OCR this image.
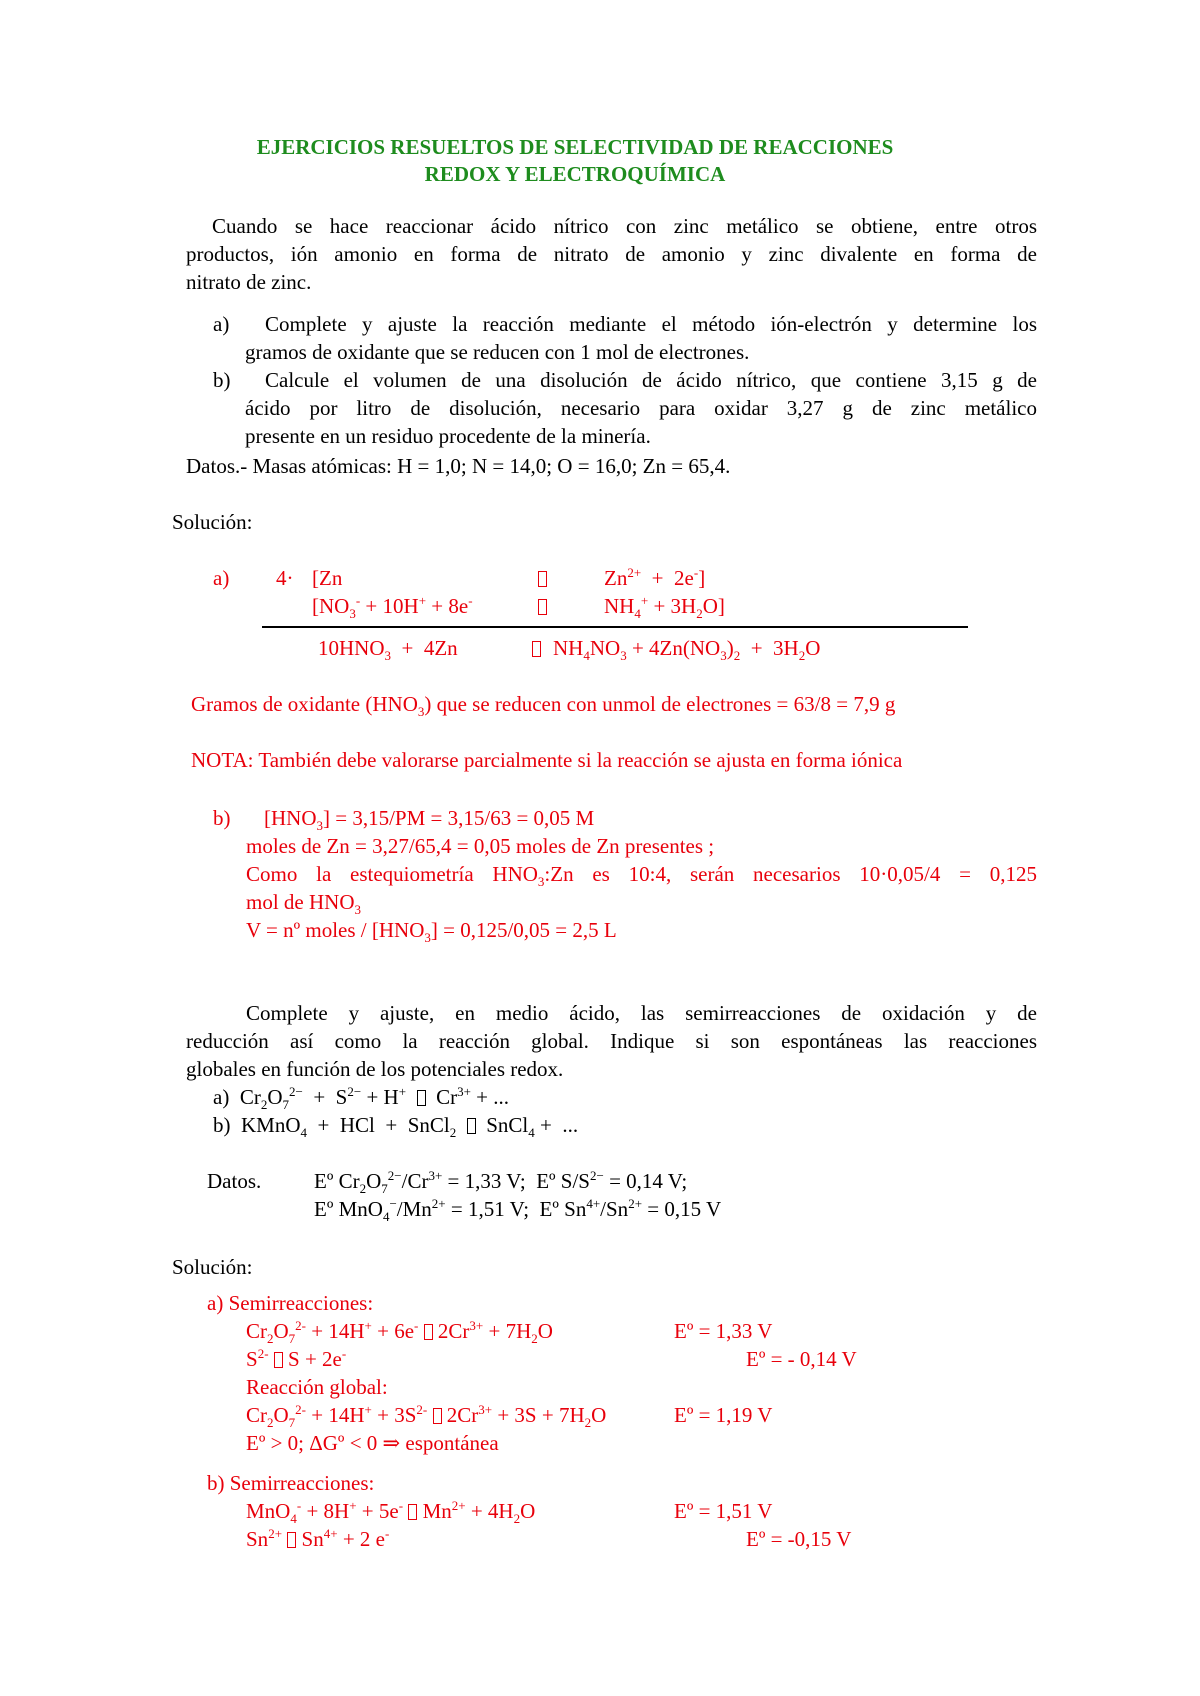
EJERCICIOS RESUELTOS DE SELECTIVIDAD DE REACCIONES
REDOX Y ELECTROQUÍMICA
Cuando se hace reaccionar ácido nítrico con zinc metálico se obtiene, entre otros
productos, ión amonio en forma de nitrato de amonio y zinc divalente en forma de
nitrato de zinc.
a) Complete y ajuste la reacción mediante el método ión-electrón y determine los
gramos de oxidante que se reducen con 1 mol de electrones.
b) Calcule el volumen de una disolución de ácido nítrico, que contiene 3,15 g de
ácido por litro de disolución, necesario para oxidar 3,27 g de zinc metálico
presente en un residuo procedente de la minería.
Datos.- Masas atómicas: H = 1,0; N = 14,0; O = 16,0; Zn = 65,4.
Solución:
a) 4· [Zn	$Zn^{2+} + 2e^-$]
[$NO_3^- + 10H^+ + 8e^-$	$NH_4^+ + 3H_2O$]
$10HNO_3 + 4Zn$	$NH_4NO_3 + 4Zn(NO_3)_2 + 3H_2O$
Gramos de oxidante $(HNO_3)$ que se reducen con unmol de electrones = 63/8 = 7,9 g
NOTA: También debe valorarse parcialmente si la reacción se ajusta en forma iónica
b) $[HNO_3] = 3,15/PM = 3,15/63 = 0,05$ M
moles de Zn = 3,27/65,4 = 0,05 moles de Zn presentes ;
Como la estequiometría $HNO_3:Zn$ es 10:4, serán necesarios 10·0,05/4 = 0,125
mol de $HNO_3$
V = nº moles / $[HNO_3] = 0,125/0,05 = 2,5$ L
Complete y ajuste, en medio ácido, las semirreacciones de oxidación y de
reducción así como la reacción global. Indique si son espontáneas las reacciones
globales en función de los potenciales redox.
a)  $Cr_2O_7^{2-} + S^{2-} + H^+$    $Cr^{3+}$ + ...
b)  KMnO$_4$  +  HCl  +  SnCl$_2$    SnCl$_4$ +  ...
Datos.	Eº $Cr_2O_7^{2-}/Cr^{3+} = 1,33$ V;  Eº $S/S^{2-} = 0,14$ V;
Eº $MnO_4^-/Mn^{2+} = 1,51$ V;  Eº $Sn^{4+}/Sn^{2+} = 0,15$ V
Solución:
a) Semirreacciones:
$Cr_2O_7^{2-} + 14H^+ + 6e^-$  $2Cr^{3+} + 7H_2O$	Eº = 1,33 V
$S^{2-}$  S + 2e-	Eº = - 0,14 V
Reacción global:
$Cr_2O_7^{2-} + 14H^+ + 3S^{2-}$  $2Cr^{3+} + 3S + 7H_2O$	Eº = 1,19 V
Eº > 0; ΔGº < 0 ⇒ espontánea
b) Semirreacciones:
MnO$_4$- + 8H+ + 5e-  $Mn^{2+} + 4H_2O$	Eº = 1,51 V
$Sn^{2+}$  $Sn^{4+} + 2$ e-	Eº = -0,15 V
